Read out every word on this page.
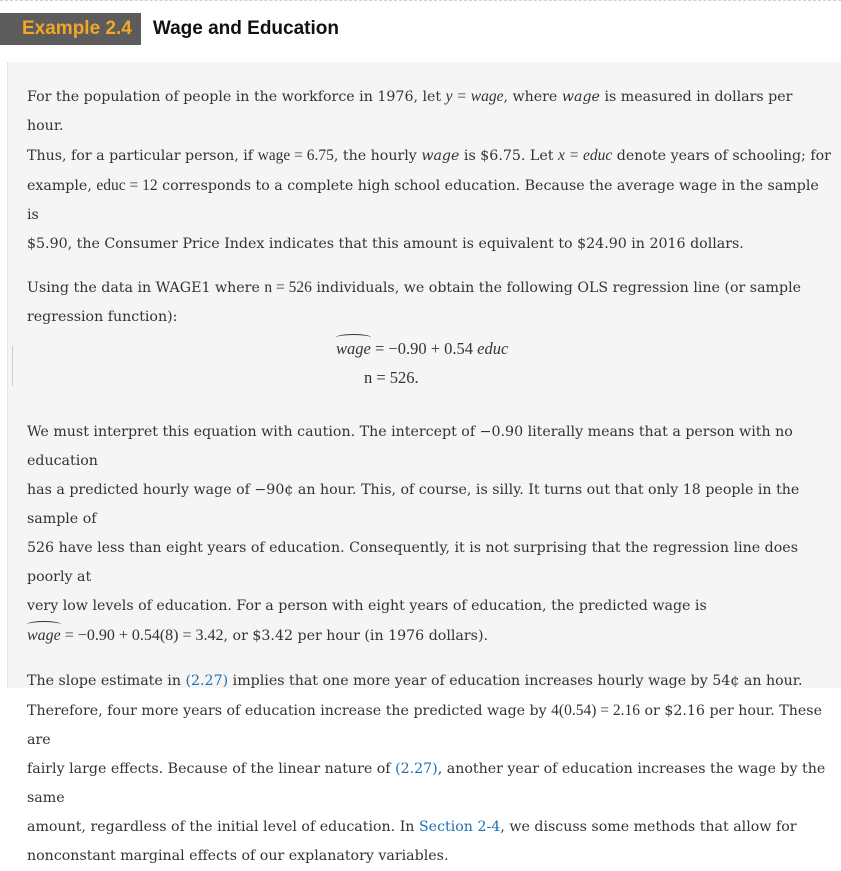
Example 2.4	Wage and Education

For the population of people in the workforce in 1976, let y = wage, where wage is measured in dollars per hour.
Thus, for a particular person, if wage = 6.75, the hourly wage is $6.75. Let x = educ denote years of schooling; for
example, educ = 12 corresponds to a complete high school education. Because the average wage in the sample is
$5.90, the Consumer Price Index indicates that this amount is equivalent to $24.90 in 2016 dollars.

Using the data in WAGE1 where n = 526 individuals, we obtain the following OLS regression line (or sample
regression function):

wage = −0.90 + 0.54 educ
n = 526.

We must interpret this equation with caution. The intercept of −0.90 literally means that a person with no education
has a predicted hourly wage of −90¢ an hour. This, of course, is silly. It turns out that only 18 people in the sample of
526 have less than eight years of education. Consequently, it is not surprising that the regression line does poorly at
very low levels of education. For a person with eight years of education, the predicted wage is
wage = −0.90 + 0.54(8) = 3.42, or $3.42 per hour (in 1976 dollars).

The slope estimate in (2.27) implies that one more year of education increases hourly wage by 54¢ an hour.
Therefore, four more years of education increase the predicted wage by 4(0.54) = 2.16 or $2.16 per hour. These are
fairly large effects. Because of the linear nature of (2.27), another year of education increases the wage by the same
amount, regardless of the initial level of education. In Section 2-4, we discuss some methods that allow for
nonconstant marginal effects of our explanatory variables.
